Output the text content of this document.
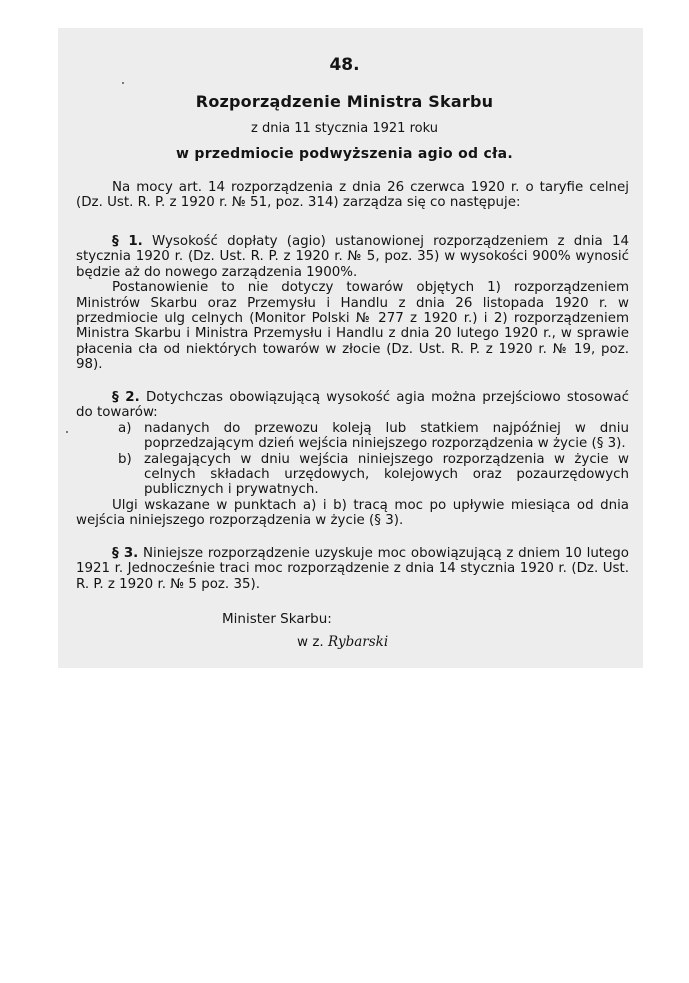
48.
Rozporządzenie Ministra Skarbu
z dnia 11 stycznia 1921 roku
w przedmiocie podwyższenia agio od cła.
Na mocy art. 14 rozporządzenia z dnia 26 czerwca 1920 r. o taryfie celnej (Dz. Ust. R. P. z 1920 r. № 51, poz. 314) zarządza się co następuje:
§ 1. Wysokość dopłaty (agio) ustanowionej rozporządzeniem z dnia 14 stycznia 1920 r. (Dz. Ust. R. P. z 1920 r. № 5, poz. 35) w wysokości 900% wynosić będzie aż do nowego zarządzenia 1900%.
Postanowienie to nie dotyczy towarów objętych 1) rozporządzeniem Ministrów Skarbu oraz Przemysłu i Handlu z dnia 26 listopada 1920 r. w przedmiocie ulg celnych (Monitor Polski № 277 z 1920 r.) i 2) rozporządzeniem Ministra Skarbu i Ministra Przemysłu i Handlu z dnia 20 lutego 1920 r., w sprawie płacenia cła od niektórych towarów w złocie (Dz. Ust. R. P. z 1920 r. № 19, poz. 98).
§ 2. Dotychczas obowiązującą wysokość agia można przejściowo stosować do towarów:
a) nadanych do przewozu koleją lub statkiem najpóźniej w dniu poprzedzającym dzień wejścia niniejszego rozporządzenia w życie (§ 3).
b) zalegających w dniu wejścia niniejszego rozporządzenia w życie w celnych składach urzędowych, kolejowych oraz pozaurzędowych publicznych i prywatnych.
Ulgi wskazane w punktach a) i b) tracą moc po upływie miesiąca od dnia wejścia niniejszego rozporządzenia w życie (§ 3).
§ 3. Niniejsze rozporządzenie uzyskuje moc obowiązującą z dniem 10 lutego 1921 r. Jednocześnie traci moc rozporządzenie z dnia 14 stycznia 1920 r. (Dz. Ust. R. P. z 1920 r. № 5 poz. 35).
Minister Skarbu:
w z. Rybarski
